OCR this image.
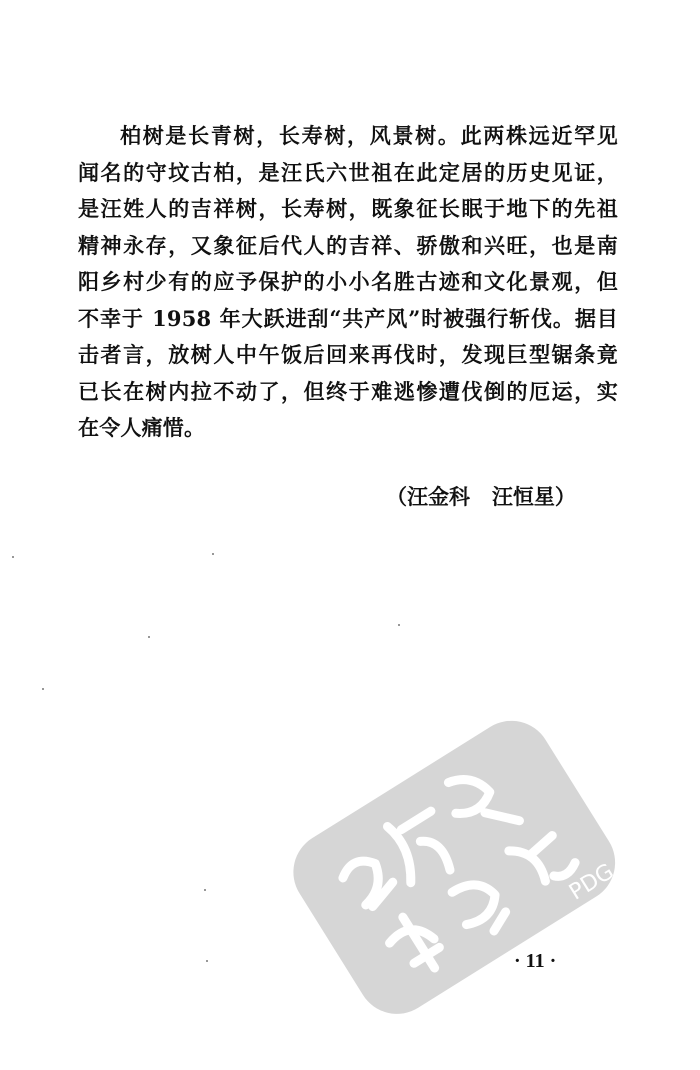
柏树是长青树，长寿树，风景树。此两株远近罕见
闻名的守坟古柏，是汪氏六世祖在此定居的历史见证，
是汪姓人的吉祥树，长寿树，既象征长眠于地下的先祖
精神永存，又象征后代人的吉祥、骄傲和兴旺，也是南
阳乡村少有的应予保护的小小名胜古迹和文化景观，但
不幸于 1958 年大跃进刮“共产风”时被强行斩伐。据目
击者言，放树人中午饭后回来再伐时，发现巨型锯条竟
已长在树内拉不动了，但终于难逃惨遭伐倒的厄运，实
在令人痛惜。
（汪金科   汪恒星）
PDG
· 11 ·
